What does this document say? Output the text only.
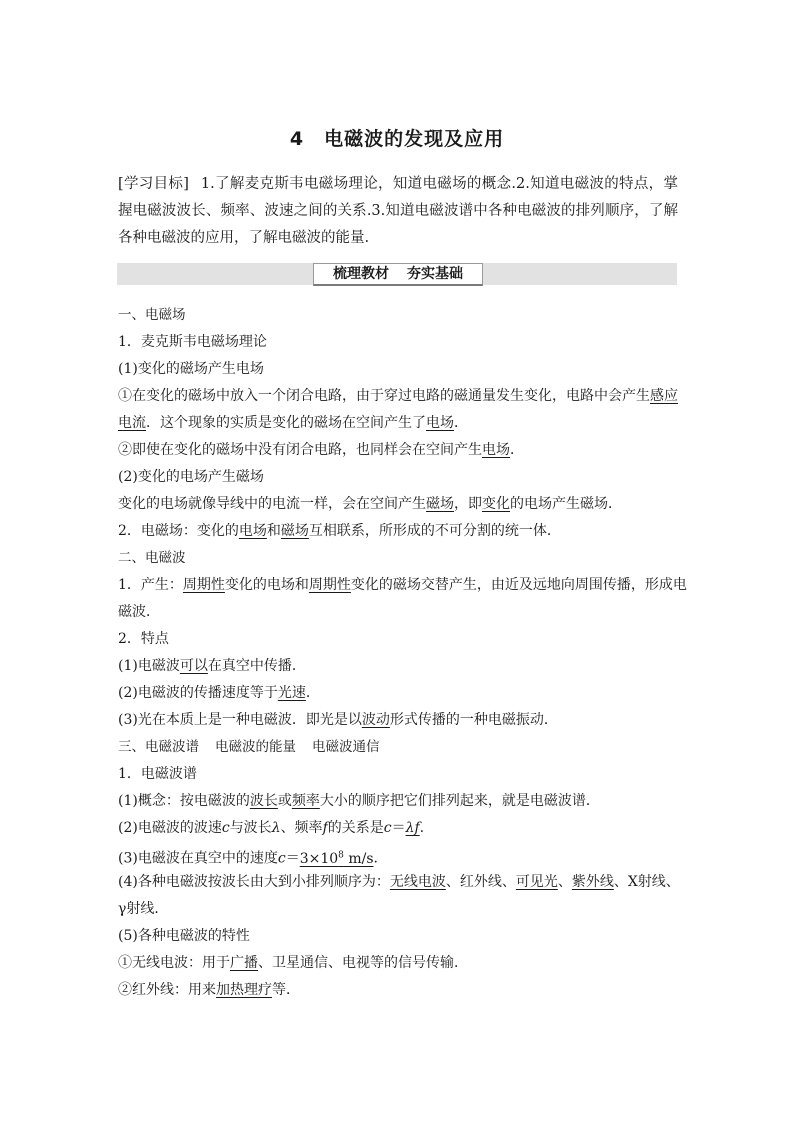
4 电磁波的发现及应用
[学习目标] 1.了解麦克斯韦电磁场理论，知道电磁场的概念.2.知道电磁波的特点，掌握电磁波波长、频率、波速之间的关系.3.知道电磁波谱中各种电磁波的排列顺序，了解各种电磁波的应用，了解电磁波的能量.
梳理教材 夯实基础
一、电磁场
1．麦克斯韦电磁场理论
(1)变化的磁场产生电场
①在变化的磁场中放入一个闭合电路，由于穿过电路的磁通量发生变化，电路中会产生感应
电流．这个现象的实质是变化的磁场在空间产生了电场．
②即使在变化的磁场中没有闭合电路，也同样会在空间产生电场．
(2)变化的电场产生磁场
变化的电场就像导线中的电流一样，会在空间产生磁场，即变化的电场产生磁场．
2．电磁场：变化的电场和磁场互相联系，所形成的不可分割的统一体．
二、电磁波
1．产生：周期性变化的电场和周期性变化的磁场交替产生，由近及远地向周围传播，形成电
磁波．
2．特点
(1)电磁波可以在真空中传播．
(2)电磁波的传播速度等于光速．
(3)光在本质上是一种电磁波．即光是以波动形式传播的一种电磁振动．
三、电磁波谱 电磁波的能量 电磁波通信
1．电磁波谱
(1)概念：按电磁波的波长或频率大小的顺序把它们排列起来，就是电磁波谱．
(2)电磁波的波速c与波长λ、频率f的关系是c＝λf.
(3)电磁波在真空中的速度$c=3\times 10^8$ m/s.
(4)各种电磁波按波长由大到小排列顺序为：无线电波、红外线、可见光、紫外线、X射线、
γ射线．
(5)各种电磁波的特性
①无线电波：用于广播、卫星通信、电视等的信号传输．
②红外线：用来加热理疗等．
